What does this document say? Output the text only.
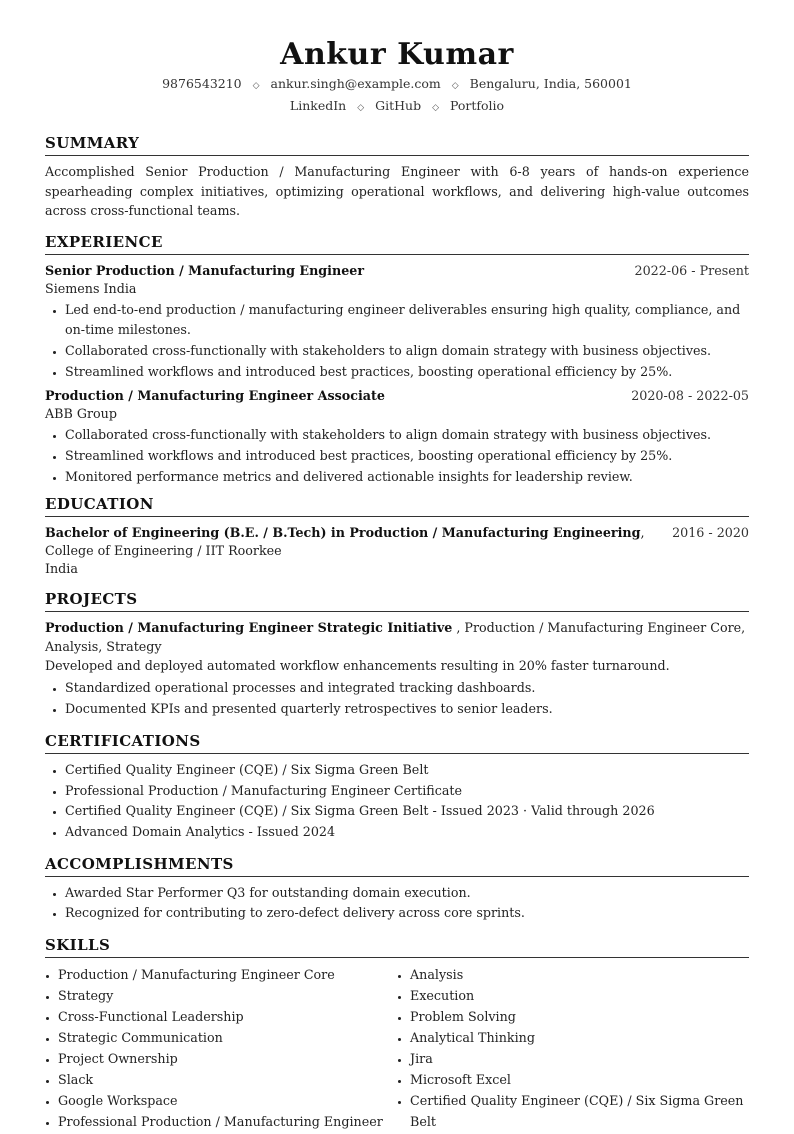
Ankur Kumar
9876543210 ◇ ankur.singh@example.com ◇ Bengaluru, India, 560001
LinkedIn ◇ GitHub ◇ Portfolio
SUMMARY
Accomplished Senior Production / Manufacturing Engineer with 6-8 years of hands-on experience spearheading complex initiatives, optimizing operational workflows, and delivering high-value outcomes across cross-functional teams.
EXPERIENCE
Senior Production / Manufacturing Engineer	2022-06 - Present
Siemens India
• Led end-to-end production / manufacturing engineer deliverables ensuring high quality, compliance, and on-time milestones.
• Collaborated cross-functionally with stakeholders to align domain strategy with business objectives.
• Streamlined workflows and introduced best practices, boosting operational efficiency by 25%.
Production / Manufacturing Engineer Associate	2020-08 - 2022-05
ABB Group
• Collaborated cross-functionally with stakeholders to align domain strategy with business objectives.
• Streamlined workflows and introduced best practices, boosting operational efficiency by 25%.
• Monitored performance metrics and delivered actionable insights for leadership review.
EDUCATION
Bachelor of Engineering (B.E. / B.Tech) in Production / Manufacturing Engineering, 2016 - 2020
College of Engineering / IIT Roorkee
India
PROJECTS
Production / Manufacturing Engineer Strategic Initiative , Production / Manufacturing Engineer Core, Analysis, Strategy
Developed and deployed automated workflow enhancements resulting in 20% faster turnaround.
• Standardized operational processes and integrated tracking dashboards.
• Documented KPIs and presented quarterly retrospectives to senior leaders.
CERTIFICATIONS
• Certified Quality Engineer (CQE) / Six Sigma Green Belt
• Professional Production / Manufacturing Engineer Certificate
• Certified Quality Engineer (CQE) / Six Sigma Green Belt - Issued 2023 · Valid through 2026
• Advanced Domain Analytics - Issued 2024
ACCOMPLISHMENTS
• Awarded Star Performer Q3 for outstanding domain execution.
• Recognized for contributing to zero-defect delivery across core sprints.
SKILLS
• Production / Manufacturing Engineer Core
• Strategy
• Cross-Functional Leadership
• Strategic Communication
• Project Ownership
• Slack
• Google Workspace
• Professional Production / Manufacturing Engineer
• Analysis
• Execution
• Problem Solving
• Analytical Thinking
• Jira
• Microsoft Excel
• Certified Quality Engineer (CQE) / Six Sigma Green Belt
